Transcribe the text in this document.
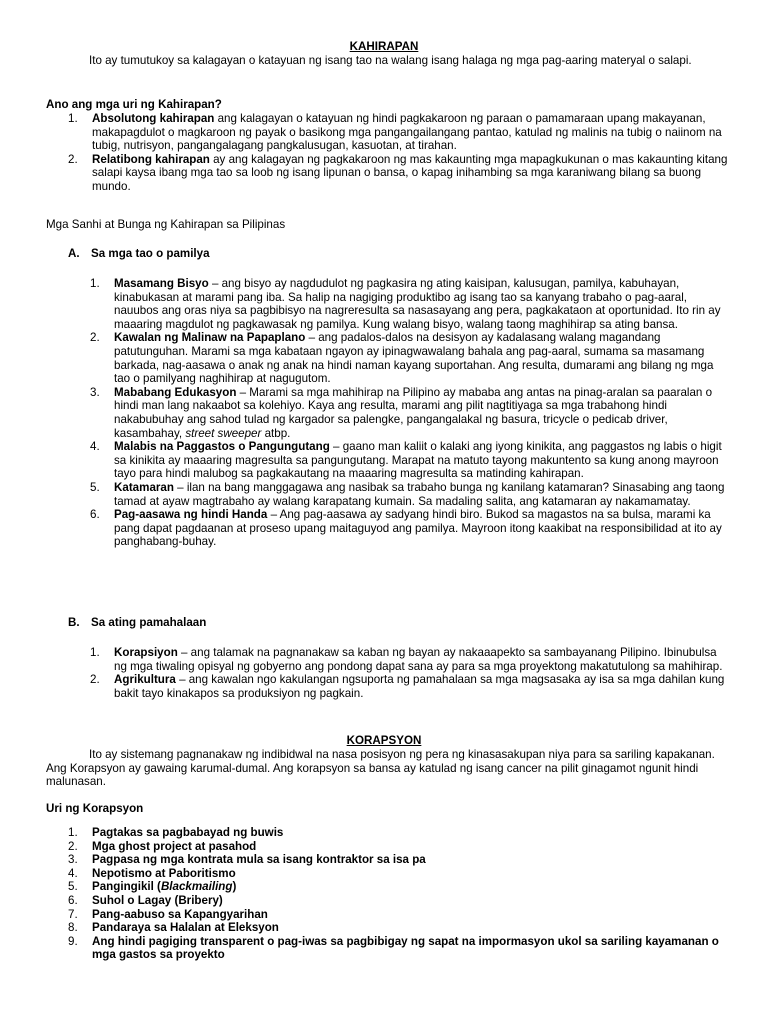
KAHIRAPAN
Ito ay tumutukoy sa kalagayan o katayuan ng isang tao na walang isang halaga ng mga pag-aaring materyal o salapi.
Ano ang mga uri ng Kahirapan?
1.	Absolutong kahirapan ang kalagayan o katayuan ng hindi pagkakaroon ng paraan o pamamaraan upang makayanan, makapagdulot o magkaroon ng payak o basikong mga pangangailangang pantao, katulad ng malinis na tubig o naiinom na tubig, nutrisyon, pangangalagang pangkalusugan, kasuotan, at tirahan.
2.	Relatibong kahirapan ay ang kalagayan ng pagkakaroon ng mas kakaunting mga mapagkukunan o mas kakaunting kitang salapi kaysa ibang mga tao sa loob ng isang lipunan o bansa, o kapag inihambing sa mga karaniwang bilang sa buong mundo.
Mga Sanhi at Bunga ng Kahirapan sa Pilipinas
A. Sa mga tao o pamilya
1.	Masamang Bisyo – ang bisyo ay nagdudulot ng pagkasira ng ating kaisipan, kalusugan, pamilya, kabuhayan, kinabukasan at marami pang iba. Sa halip na nagiging produktibo ag isang tao sa kanyang trabaho o pag-aaral, nauubos ang oras niya sa pagbibisyo na nagreresulta sa nasasayang ang pera, pagkakataon at oportunidad. Ito rin ay maaaring magdulot ng pagkawasak ng pamilya. Kung walang bisyo, walang taong maghihirap sa ating bansa.
2.	Kawalan ng Malinaw na Papaplano – ang padalos-dalos na desisyon ay kadalasang walang magandang patutunguhan. Marami sa mga kabataan ngayon ay ipinagwawalang bahala ang pag-aaral, sumama sa masamang barkada, nag-aasawa o anak ng anak na hindi naman kayang suportahan. Ang resulta, dumarami ang bilang ng mga tao o pamilyang naghihirap at nagugutom.
3.	Mababang Edukasyon – Marami sa mga mahihirap na Pilipino ay mababa ang antas na pinag-aralan sa paaralan o hindi man lang nakaabot sa kolehiyo. Kaya ang resulta, marami ang pilit nagtitiyaga sa mga trabahong hindi nakabubuhay ang sahod tulad ng kargador sa palengke, pangangalakal ng basura, tricycle o pedicab driver, kasambahay, street sweeper atbp.
4.	Malabis na Paggastos o Pangungutang – gaano man kaliit o kalaki ang iyong kinikita, ang paggastos ng labis o higit sa kinikita ay maaaring magresulta sa pangungutang. Marapat na matuto tayong makuntento sa kung anong mayroon tayo para hindi malubog sa pagkakautang na maaaring magresulta sa matinding kahirapan.
5.	Katamaran – ilan na bang manggagawa ang nasibak sa trabaho bunga ng kanilang katamaran? Sinasabing ang taong tamad at ayaw magtrabaho ay walang karapatang kumain. Sa madaling salita, ang katamaran ay nakamamatay.
6.	Pag-aasawa ng hindi Handa – Ang pag-aasawa ay sadyang hindi biro. Bukod sa magastos na sa bulsa, marami ka pang dapat pagdaanan at proseso upang maitaguyod ang pamilya. Mayroon itong kaakibat na responsibilidad at ito ay panghabang-buhay.
B. Sa ating pamahalaan
1.	Korapsiyon – ang talamak na pagnanakaw sa kaban ng bayan ay nakaaapekto sa sambayanang Pilipino. Ibinubulsa ng mga tiwaling opisyal ng gobyerno ang pondong dapat sana ay para sa mga proyektong makatutulong sa mahihirap.
2.	Agrikultura – ang kawalan ngo kakulangan ngsuporta ng pamahalaan sa mga magsasaka ay isa sa mga dahilan kung bakit tayo kinakapos sa produksiyon ng pagkain.
KORAPSYON
Ito ay sistemang pagnanakaw ng indibidwal na nasa posisyon ng pera ng kinasasakupan niya para sa sariling kapakanan. Ang Korapsyon ay gawaing karumal-dumal. Ang korapsyon sa bansa ay katulad ng isang cancer na pilit ginagamot ngunit hindi malunasan.
Uri ng Korapsyon
1.	Pagtakas sa pagbabayad ng buwis
2.	Mga ghost project at pasahod
3.	Pagpasa ng mga kontrata mula sa isang kontraktor sa isa pa
4.	Nepotismo at Paboritismo
5.	Pangingikil (Blackmailing)
6.	Suhol o Lagay (Bribery)
7.	Pang-aabuso sa Kapangyarihan
8.	Pandaraya sa Halalan at Eleksyon
9.	Ang hindi pagiging transparent o pag-iwas sa pagbibigay ng sapat na impormasyon ukol sa sariling kayamanan o mga gastos sa proyekto
